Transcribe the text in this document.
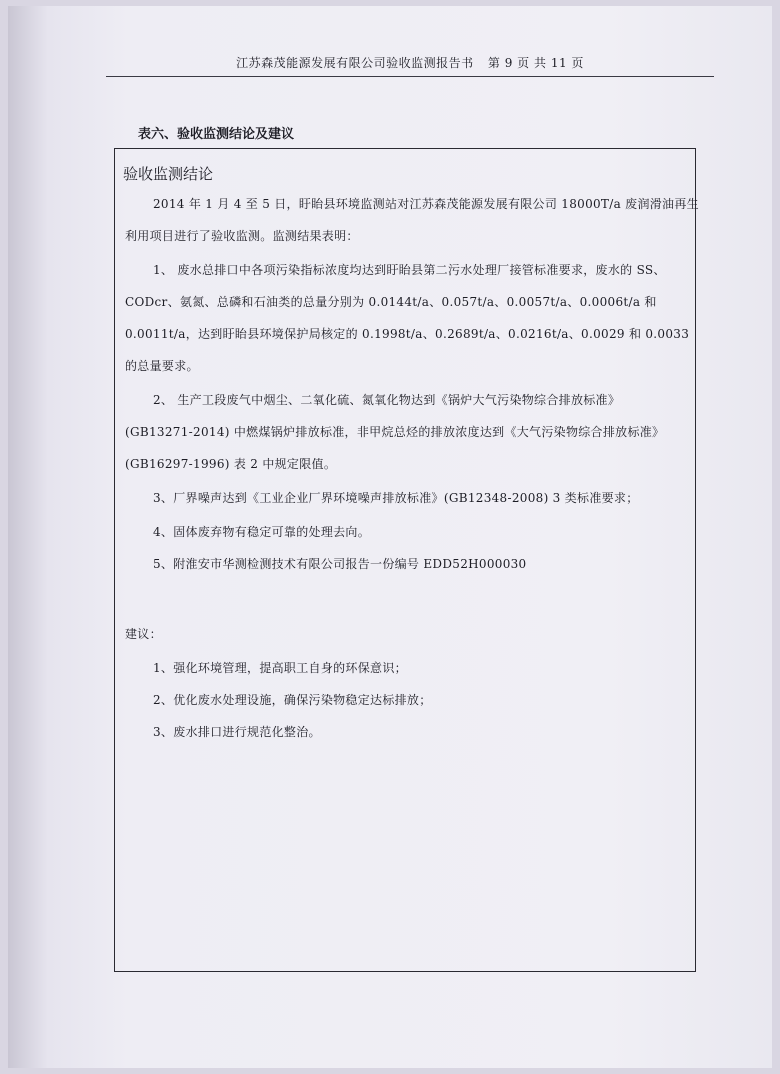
江苏森茂能源发展有限公司验收监测报告书 第 9 页 共 11 页
表六、验收监测结论及建议
验收监测结论
2014 年 1 月 4 至 5 日，盱眙县环境监测站对江苏森茂能源发展有限公司 18000T/a 废润滑油再生
利用项目进行了验收监测。监测结果表明：
1、 废水总排口中各项污染指标浓度均达到盱眙县第二污水处理厂接管标准要求，废水的 SS、
CODcr、氨氮、总磷和石油类的总量分别为 0.0144t/a、0.057t/a、0.0057t/a、0.0006t/a 和
0.0011t/a，达到盱眙县环境保护局核定的 0.1998t/a、0.2689t/a、0.0216t/a、0.0029 和 0.0033
的总量要求。
2、 生产工段废气中烟尘、二氧化硫、氮氧化物达到《锅炉大气污染物综合排放标准》
(GB13271-2014) 中燃煤锅炉排放标准，非甲烷总烃的排放浓度达到《大气污染物综合排放标准》
(GB16297-1996) 表 2 中规定限值。
3、厂界噪声达到《工业企业厂界环境噪声排放标准》(GB12348-2008) 3 类标准要求；
4、固体废弃物有稳定可靠的处理去向。
5、附淮安市华测检测技术有限公司报告一份编号 EDD52H000030
建议：
1、强化环境管理，提高职工自身的环保意识；
2、优化废水处理设施，确保污染物稳定达标排放；
3、废水排口进行规范化整治。
